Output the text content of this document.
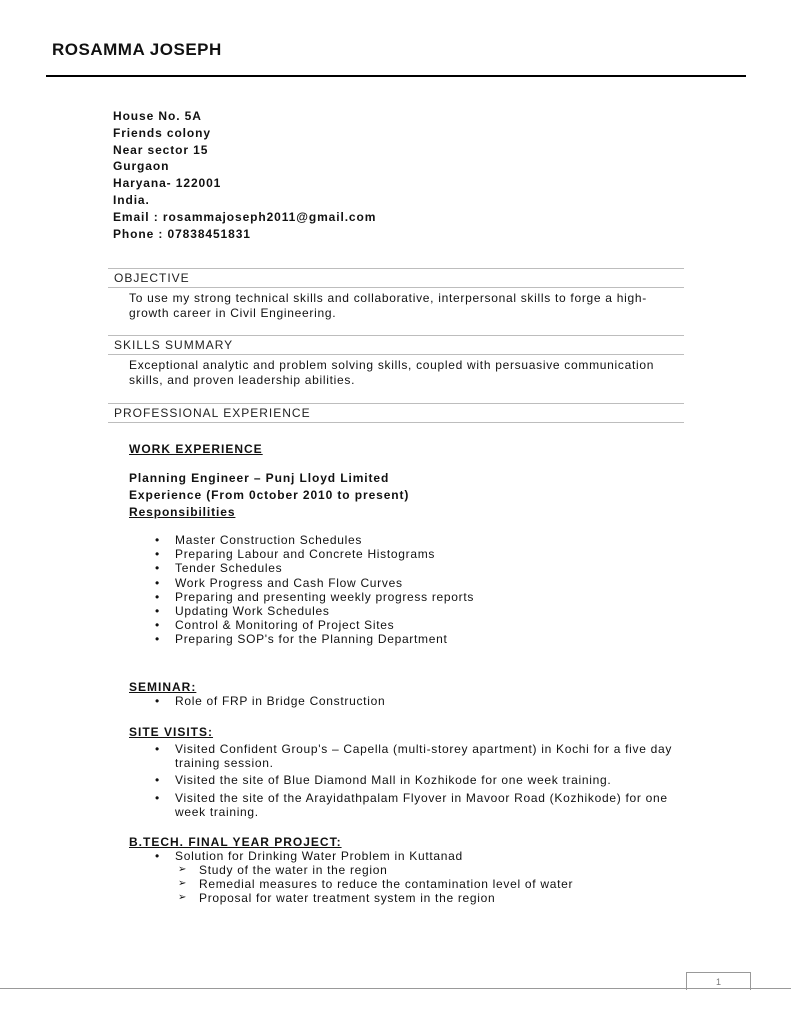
ROSAMMA JOSEPH
House No. 5A
Friends colony
Near sector 15
Gurgaon
Haryana- 122001
India.
Email : rosammajoseph2011@gmail.com
Phone : 07838451831
OBJECTIVE
To use my strong technical skills and collaborative, interpersonal skills to forge a high-growth career in Civil Engineering.
SKILLS SUMMARY
Exceptional analytic and problem solving skills, coupled with persuasive communication skills, and proven leadership abilities.
PROFESSIONAL EXPERIENCE
WORK EXPERIENCE
Planning Engineer – Punj Lloyd Limited
Experience (From 0ctober 2010 to present)
Responsibilities
• Master Construction Schedules
• Preparing Labour and Concrete Histograms
• Tender Schedules
• Work Progress and Cash Flow Curves
• Preparing and presenting weekly progress reports
• Updating Work Schedules
• Control & Monitoring of Project Sites
• Preparing SOP's for the Planning Department
SEMINAR:
• Role of FRP in Bridge Construction
SITE VISITS:
• Visited Confident Group's – Capella (multi-storey apartment) in Kochi for a five day training session.
• Visited the site of Blue Diamond Mall in Kozhikode for one week training.
• Visited the site of the Arayidathpalam Flyover in Mavoor Road (Kozhikode) for one week training.
B.TECH. FINAL YEAR PROJECT:
• Solution for Drinking Water Problem in Kuttanad
➢ Study of the water in the region
➢ Remedial measures to reduce the contamination level of water
➢ Proposal for water treatment system in the region
1
